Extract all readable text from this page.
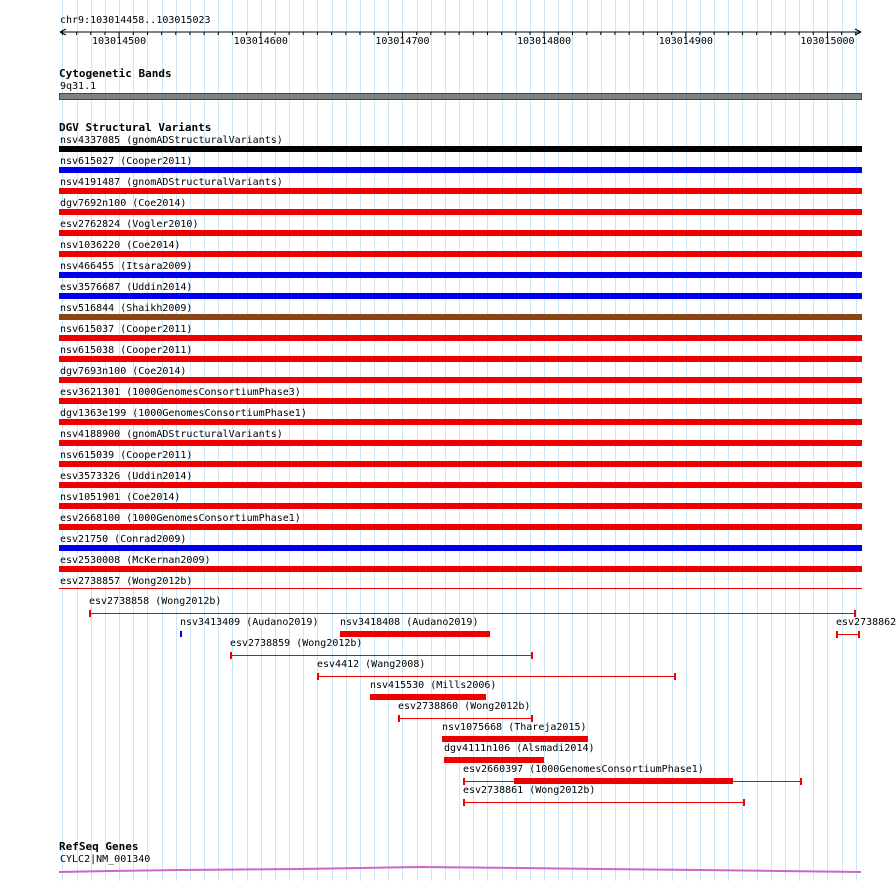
chr9:103014458..103015023
103014500	103014600	103014700	103014800	103014900	103015000
Cytogenetic Bands
9q31.1
DGV Structural Variants
nsv4337085 (gnomADStructuralVariants)
nsv615027 (Cooper2011)
nsv4191487 (gnomADStructuralVariants)
dgv7692n100 (Coe2014)
esv2762824 (Vogler2010)
nsv1036220 (Coe2014)
nsv466455 (Itsara2009)
esv3576687 (Uddin2014)
nsv516844 (Shaikh2009)
nsv615037 (Cooper2011)
nsv615038 (Cooper2011)
dgv7693n100 (Coe2014)
esv3621301 (1000GenomesConsortiumPhase3)
dgv1363e199 (1000GenomesConsortiumPhase1)
nsv4188900 (gnomADStructuralVariants)
nsv615039 (Cooper2011)
esv3573326 (Uddin2014)
nsv1051901 (Coe2014)
esv2668100 (1000GenomesConsortiumPhase1)
esv21750 (Conrad2009)
esv2530008 (McKernan2009)
esv2738857 (Wong2012b)
esv2738858 (Wong2012b)
nsv3413409 (Audano2019) nsv3418408 (Audano2019)	esv2738862
esv2738859 (Wong2012b)
esv4412 (Wang2008)
nsv415530 (Mills2006)
esv2738860 (Wong2012b)
nsv1075668 (Thareja2015)
dgv4111n106 (Alsmadi2014)
esv2660397 (1000GenomesConsortiumPhase1)
esv2738861 (Wong2012b)
RefSeq Genes
CYLC2|NM_001340
